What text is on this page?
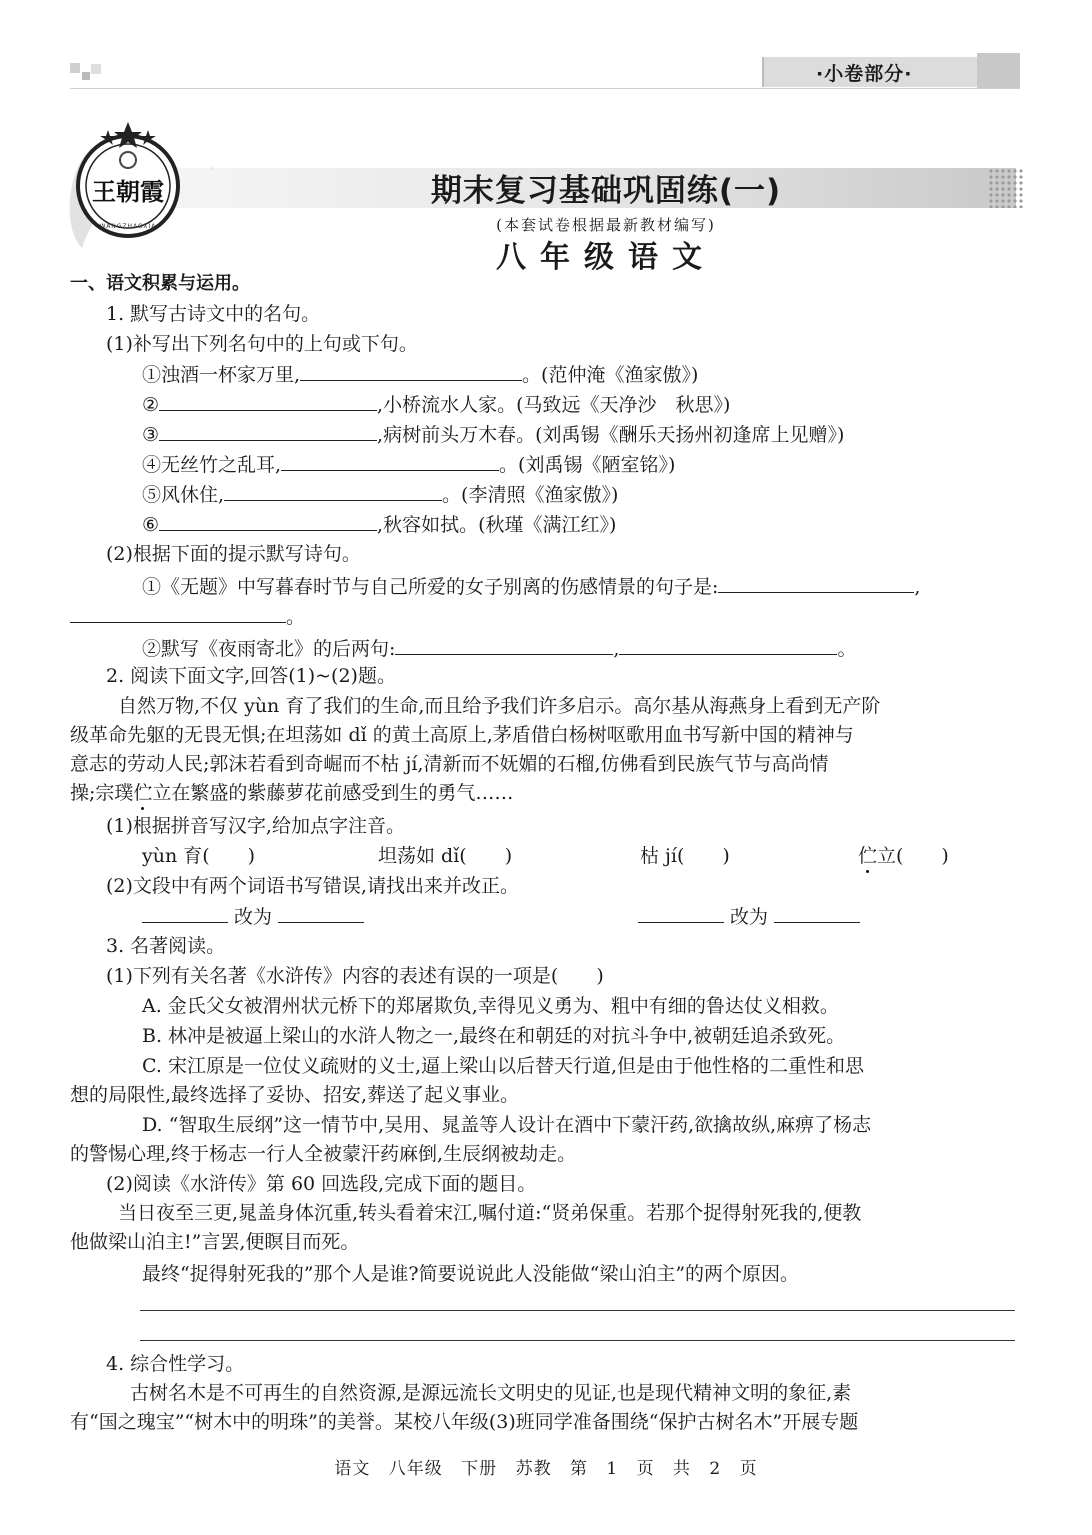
·小卷部分·
王朝霞
WANGZHAOXIA
期末复习基础巩固练(一)
(本套试卷根据最新教材编写)
八年级语文
一、语文积累与运用。
1. 默写古诗文中的名句。
(1)补写出下列名句中的上句或下句。
①浊酒一杯家万里,	。(范仲淹《渔家傲》)
②	,小桥流水人家。(马致远《天净沙　秋思》)
③	,病树前头万木春。(刘禹锡《酬乐天扬州初逢席上见赠》)
④无丝竹之乱耳,	。(刘禹锡《陋室铭》)
⑤风休住,	。(李清照《渔家傲》)
⑥	,秋容如拭。(秋瑾《满江红》)
(2)根据下面的提示默写诗句。
①《无题》中写暮春时节与自己所爱的女子别离的伤感情景的句子是:	,
。
②默写《夜雨寄北》的后两句:	,	。
2. 阅读下面文字,回答(1)~(2)题。
自然万物,不仅 yùn 育了我们的生命,而且给予我们许多启示。高尔基从海燕身上看到无产阶
级革命先躯的无畏无惧;在坦荡如 dǐ 的黄土高原上,茅盾借白杨树呕歌用血书写新中国的精神与
意志的劳动人民;郭沫若看到奇崛而不枯 jí,清新而不妩媚的石榴,仿佛看到民族气节与高尚情
操;宗璞伫立在繁盛的紫藤萝花前感受到生的勇气……
(1)根据拼音写汉字,给加点字注音。
yùn 育(　　)	坦荡如 dǐ(　　)	枯 jí(　　)	伫立(　　)
(2)文段中有两个词语书写错误,请找出来并改正。
改为	改为
3. 名著阅读。
(1)下列有关名著《水浒传》内容的表述有误的一项是(　　)
A. 金氏父女被渭州状元桥下的郑屠欺负,幸得见义勇为、粗中有细的鲁达仗义相救。
B. 林冲是被逼上梁山的水浒人物之一,最终在和朝廷的对抗斗争中,被朝廷追杀致死。
C. 宋江原是一位仗义疏财的义士,逼上梁山以后替天行道,但是由于他性格的二重性和思
想的局限性,最终选择了妥协、招安,葬送了起义事业。
D. “智取生辰纲”这一情节中,吴用、晁盖等人设计在酒中下蒙汗药,欲擒故纵,麻痹了杨志
的警惕心理,终于杨志一行人全被蒙汗药麻倒,生辰纲被劫走。
(2)阅读《水浒传》第 60 回选段,完成下面的题目。
当日夜至三更,晁盖身体沉重,转头看着宋江,嘱付道:“贤弟保重。若那个捉得射死我的,便教
他做梁山泊主!”言罢,便瞑目而死。
最终“捉得射死我的”那个人是谁?简要说说此人没能做“梁山泊主”的两个原因。
4. 综合性学习。
古树名木是不可再生的自然资源,是源远流长文明史的见证,也是现代精神文明的象征,素
有“国之瑰宝”“树木中的明珠”的美誉。某校八年级(3)班同学准备围绕“保护古树名木”开展专题
语文 八年级 下册 苏教 第 1 页 共 2 页
